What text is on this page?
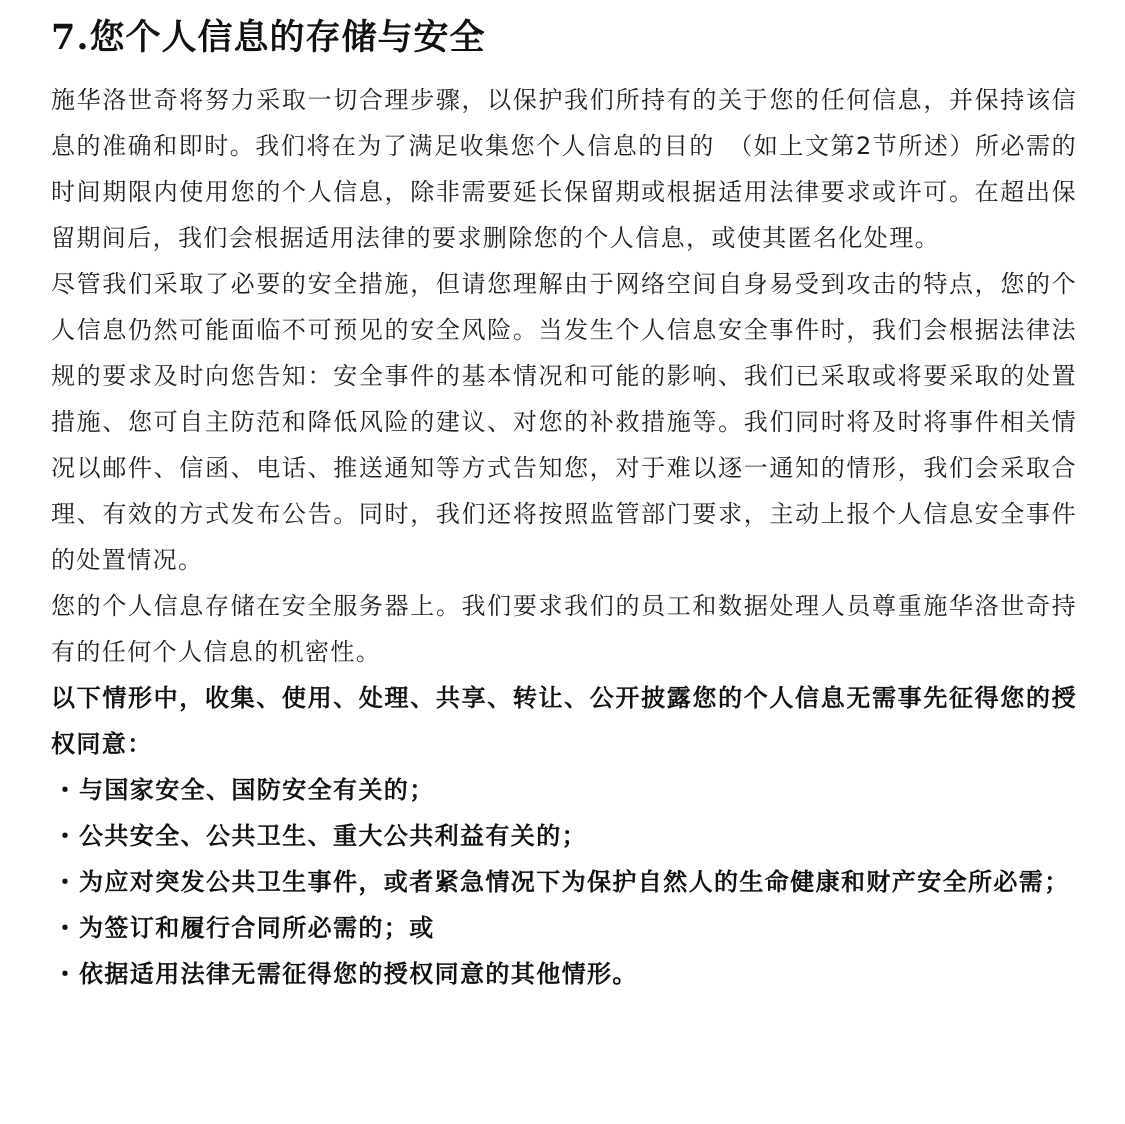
7.您个人信息的存储与安全

施华洛世奇将努力采取一切合理步骤，以保护我们所持有的关于您的任何信息，并保持该信息的准确和即时。我们将在为了满足收集您个人信息的目的　（如上文第2节所述）所必需的时间期限内使用您的个人信息，除非需要延长保留期或根据适用法律要求或许可。在超出保留期间后，我们会根据适用法律的要求删除您的个人信息，或使其匿名化处理。

尽管我们采取了必要的安全措施，但请您理解由于网络空间自身易受到攻击的特点，您的个人信息仍然可能面临不可预见的安全风险。当发生个人信息安全事件时，我们会根据法律法规的要求及时向您告知：安全事件的基本情况和可能的影响、我们已采取或将要采取的处置措施、您可自主防范和降低风险的建议、对您的补救措施等。我们同时将及时将事件相关情况以邮件、信函、电话、推送通知等方式告知您，对于难以逐一通知的情形，我们会采取合理、有效的方式发布公告。同时，我们还将按照监管部门要求，主动上报个人信息安全事件的处置情况。

您的个人信息存储在安全服务器上。我们要求我们的员工和数据处理人员尊重施华洛世奇持有的任何个人信息的机密性。

以下情形中，收集、使用、处理、共享、转让、公开披露您的个人信息无需事先征得您的授权同意：

・ 与国家安全、国防安全有关的；
・ 公共安全、公共卫生、重大公共利益有关的；
・ 为应对突发公共卫生事件，或者紧急情况下为保护自然人的生命健康和财产安全所必需；
・ 为签订和履行合同所必需的；或
・ 依据适用法律无需征得您的授权同意的其他情形。
